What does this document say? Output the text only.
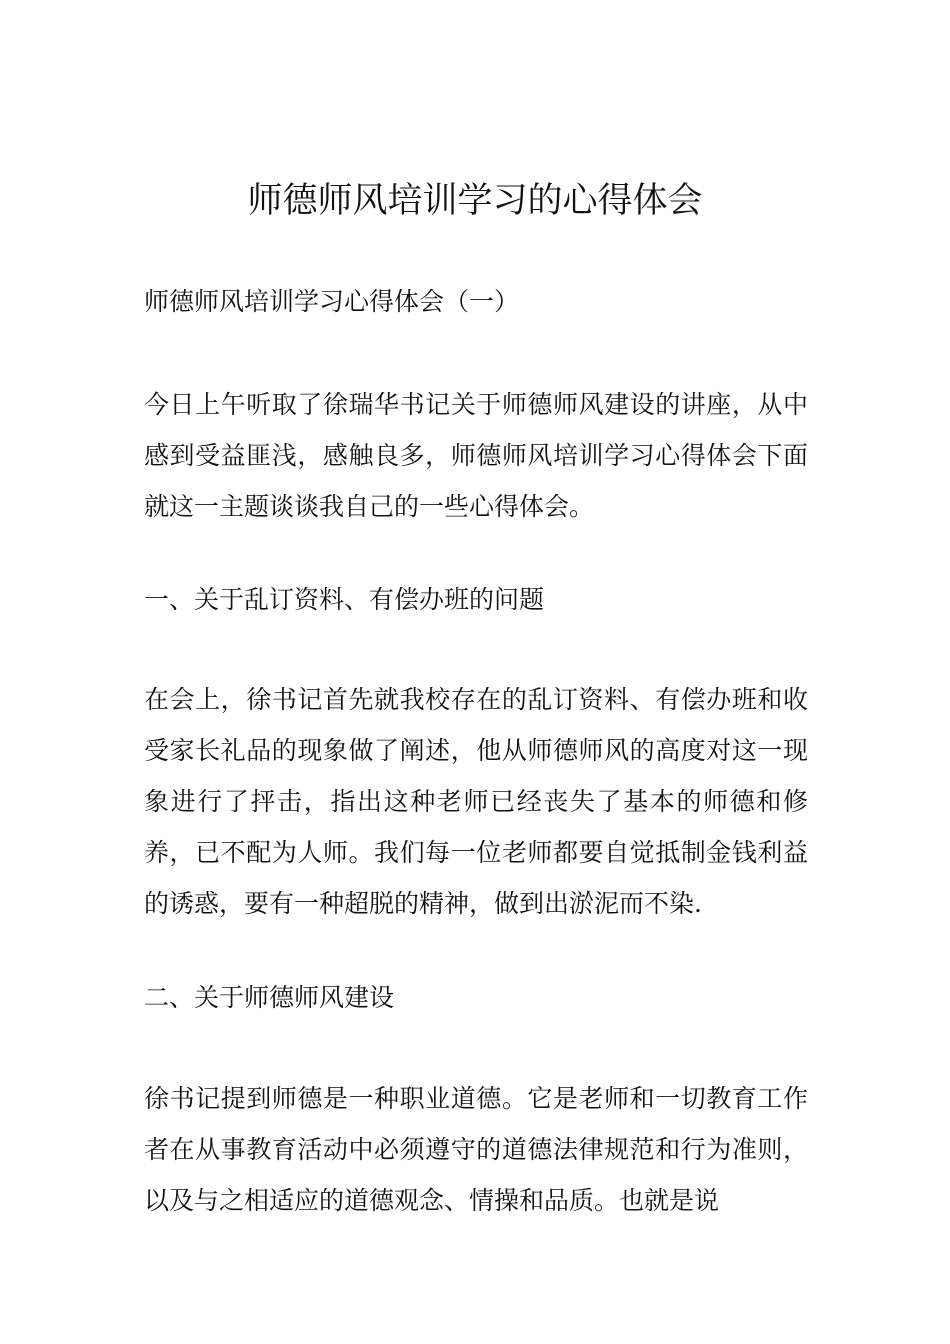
师德师风培训学习的心得体会

师德师风培训学习心得体会（一）

今日上午听取了徐瑞华书记关于师德师风建设的讲座，从中感到受益匪浅，感触良多，师德师风培训学习心得体会下面就这一主题谈谈我自己的一些心得体会。

一、关于乱订资料、有偿办班的问题

在会上，徐书记首先就我校存在的乱订资料、有偿办班和收受家长礼品的现象做了阐述，他从师德师风的高度对这一现象进行了抨击，指出这种老师已经丧失了基本的师德和修养，已不配为人师。我们每一位老师都要自觉抵制金钱利益的诱惑，要有一种超脱的精神，做到出淤泥而不染.

二、关于师德师风建设

徐书记提到师德是一种职业道德。它是老师和一切教育工作者在从事教育活动中必须遵守的道德法律规范和行为准则，以及与之相适应的道德观念、情操和品质。也就是说
